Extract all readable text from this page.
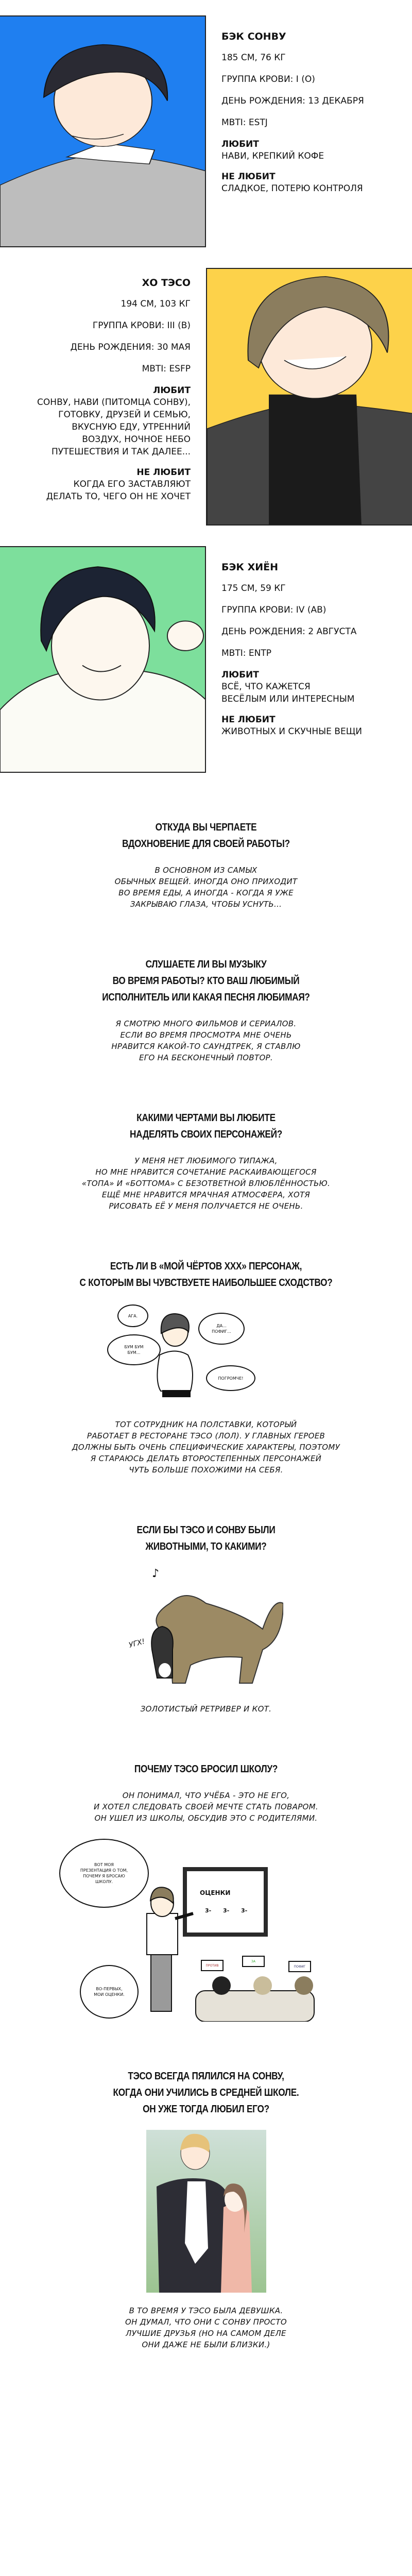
БЭК СОНВУ
185 СМ, 76 КГ
ГРУППА КРОВИ: I (O)
ДЕНЬ РОЖДЕНИЯ: 13 ДЕКАБРЯ
MBTI: ESTJ
ЛЮБИТ
НАВИ, КРЕПКИЙ КОФЕ
НЕ ЛЮБИТ
СЛАДКОЕ, ПОТЕРЮ КОНТРОЛЯ
ХО ТЭСО
194 СМ, 103 КГ
ГРУППА КРОВИ: III (B)
ДЕНЬ РОЖДЕНИЯ: 30 МАЯ
MBTI: ESFP
ЛЮБИТ
СОНВУ, НАВИ (ПИТОМЦА СОНВУ),
ГОТОВКУ, ДРУЗЕЙ И СЕМЬЮ,
ВКУСНУЮ ЕДУ, УТРЕННИЙ
ВОЗДУХ, НОЧНОЕ НЕБО
ПУТЕШЕСТВИЯ И ТАК ДАЛЕЕ...
НЕ ЛЮБИТ
КОГДА ЕГО ЗАСТАВЛЯЮТ
ДЕЛАТЬ ТО, ЧЕГО ОН НЕ ХОЧЕТ
БЭК ХИЁН
175 СМ, 59 КГ
ГРУППА КРОВИ: IV (AB)
ДЕНЬ РОЖДЕНИЯ: 2 АВГУСТА
MBTI: ENTP
ЛЮБИТ
ВСЁ, ЧТО КАЖЕТСЯ
ВЕСЁЛЫМ ИЛИ ИНТЕРЕСНЫМ
НЕ ЛЮБИТ
ЖИВОТНЫХ И СКУЧНЫЕ ВЕЩИ
ОТКУДА ВЫ ЧЕРПАЕТЕ
ВДОХНОВЕНИЕ ДЛЯ СВОЕЙ РАБОТЫ?
В ОСНОВНОМ ИЗ САМЫХ
ОБЫЧНЫХ ВЕЩЕЙ. ИНОГДА ОНО ПРИХОДИТ
ВО ВРЕМЯ ЕДЫ, А ИНОГДА - КОГДА Я УЖЕ
ЗАКРЫВАЮ ГЛАЗА, ЧТОБЫ УСНУТЬ...
СЛУШАЕТЕ ЛИ ВЫ МУЗЫКУ
ВО ВРЕМЯ РАБОТЫ? КТО ВАШ ЛЮБИМЫЙ
ИСПОЛНИТЕЛЬ ИЛИ КАКАЯ ПЕСНЯ ЛЮБИМАЯ?
Я СМОТРЮ МНОГО ФИЛЬМОВ И СЕРИАЛОВ.
ЕСЛИ ВО ВРЕМЯ ПРОСМОТРА МНЕ ОЧЕНЬ
НРАВИТСЯ КАКОЙ-ТО САУНДТРЕК, Я СТАВЛЮ
ЕГО НА БЕСКОНЕЧНЫЙ ПОВТОР.
КАКИМИ ЧЕРТАМИ ВЫ ЛЮБИТЕ
НАДЕЛЯТЬ СВОИХ ПЕРСОНАЖЕЙ?
У МЕНЯ НЕТ ЛЮБИМОГО ТИПАЖА,
НО МНЕ НРАВИТСЯ СОЧЕТАНИЕ РАСКАИВАЮЩЕГОСЯ
«ТОПА» И «БОТТОМА» С БЕЗОТВЕТНОЙ ВЛЮБЛЁННОСТЬЮ.
ЕЩЁ МНЕ НРАВИТСЯ МРАЧНАЯ АТМОСФЕРА, ХОТЯ
РИСОВАТЬ ЕЁ У МЕНЯ ПОЛУЧАЕТСЯ НЕ ОЧЕНЬ.
ЕСТЬ ЛИ В «МОЙ ЧЁРТОВ ХХХ» ПЕРСОНАЖ,
С КОТОРЫМ ВЫ ЧУВСТВУЕТЕ НАИБОЛЬШЕЕ СХОДСТВО?
АГА.
ДА...
ПОФИГ...
БУМ БУМ
БУМ...
ПОГРОМЧЕ!
ТОТ СОТРУДНИК НА ПОЛСТАВКИ, КОТОРЫЙ
РАБОТАЕТ В РЕСТОРАНЕ ТЭСО (ЛОЛ). У ГЛАВНЫХ ГЕРОЕВ
ДОЛЖНЫ БЫТЬ ОЧЕНЬ СПЕЦИФИЧЕСКИЕ ХАРАКТЕРЫ, ПОЭТОМУ
Я СТАРАЮСЬ ДЕЛАТЬ ВТОРОСТЕПЕННЫХ ПЕРСОНАЖЕЙ
ЧУТЬ БОЛЬШЕ ПОХОЖИМИ НА СЕБЯ.
ЕСЛИ БЫ ТЭСО И СОНВУ БЫЛИ
ЖИВОТНЫМИ, ТО КАКИМИ?
♪
УГХ!
ЗОЛОТИСТЫЙ РЕТРИВЕР И КОТ.
ПОЧЕМУ ТЭСО БРОСИЛ ШКОЛУ?
ОН ПОНИМАЛ, ЧТО УЧЁБА - ЭТО НЕ ЕГО,
И ХОТЕЛ СЛЕДОВАТЬ СВОЕЙ МЕЧТЕ СТАТЬ ПОВАРОМ.
ОН УШЕЛ ИЗ ШКОЛЫ, ОБСУДИВ ЭТО С РОДИТЕЛЯМИ.
ОЦЕНКИ
3- 3- 3-
ПРОТИВ
ЗА
ПОФИГ
ВОТ МОЯ
ПРЕЗЕНТАЦИЯ О ТОМ,
ПОЧЕМУ Я БРОСАЮ
ШКОЛУ.
ВО-ПЕРВЫХ,
МОИ ОЦЕНКИ.
ТЭСО ВСЕГДА ПЯЛИЛСЯ НА СОНВУ,
КОГДА ОНИ УЧИЛИСЬ В СРЕДНЕЙ ШКОЛЕ.
ОН УЖЕ ТОГДА ЛЮБИЛ ЕГО?
В ТО ВРЕМЯ У ТЭСО БЫЛА ДЕВУШКА.
ОН ДУМАЛ, ЧТО ОНИ С СОНВУ ПРОСТО
ЛУЧШИЕ ДРУЗЬЯ (НО НА САМОМ ДЕЛЕ
ОНИ ДАЖЕ НЕ БЫЛИ БЛИЗКИ.)
